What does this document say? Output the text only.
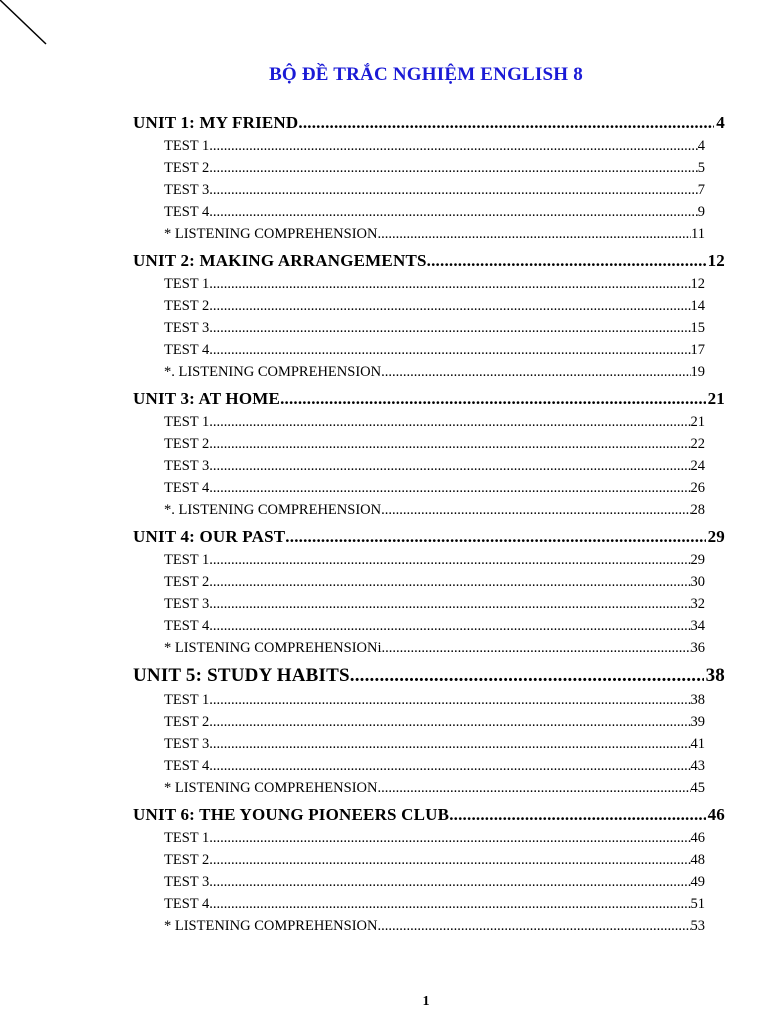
BỘ ĐỀ TRẮC NGHIỆM ENGLISH 8
UNIT 1: MY FRIEND .....	4
TEST 1 .....	4
TEST 2 .....	5
TEST 3 .....	7
TEST 4 .....	9
* LISTENING COMPREHENSION .....	11
UNIT 2: MAKING ARRANGEMENTS .....	12
TEST 1 .....	12
TEST 2 .....	14
TEST 3 .....	15
TEST 4 .....	17
*. LISTENING COMPREHENSION .....	19
UNIT 3: AT HOME .....	21
TEST 1 .....	21
TEST 2 .....	22
TEST 3 .....	24
TEST 4 .....	26
*. LISTENING COMPREHENSION .....	28
UNIT 4: OUR PAST .....	29
TEST 1 .....	29
TEST 2 .....	30
TEST 3 .....	32
TEST 4 .....	34
* LISTENING COMPREHENSIONi .....	36
UNIT 5: STUDY HABITS .....	38
TEST 1 .....	38
TEST 2 .....	39
TEST 3 .....	41
TEST 4 .....	43
* LISTENING COMPREHENSION .....	45
UNIT 6: THE YOUNG PIONEERS CLUB .....	46
TEST 1 .....	46
TEST 2 .....	48
TEST 3 .....	49
TEST 4 .....	51
* LISTENING COMPREHENSION .....	53
1
